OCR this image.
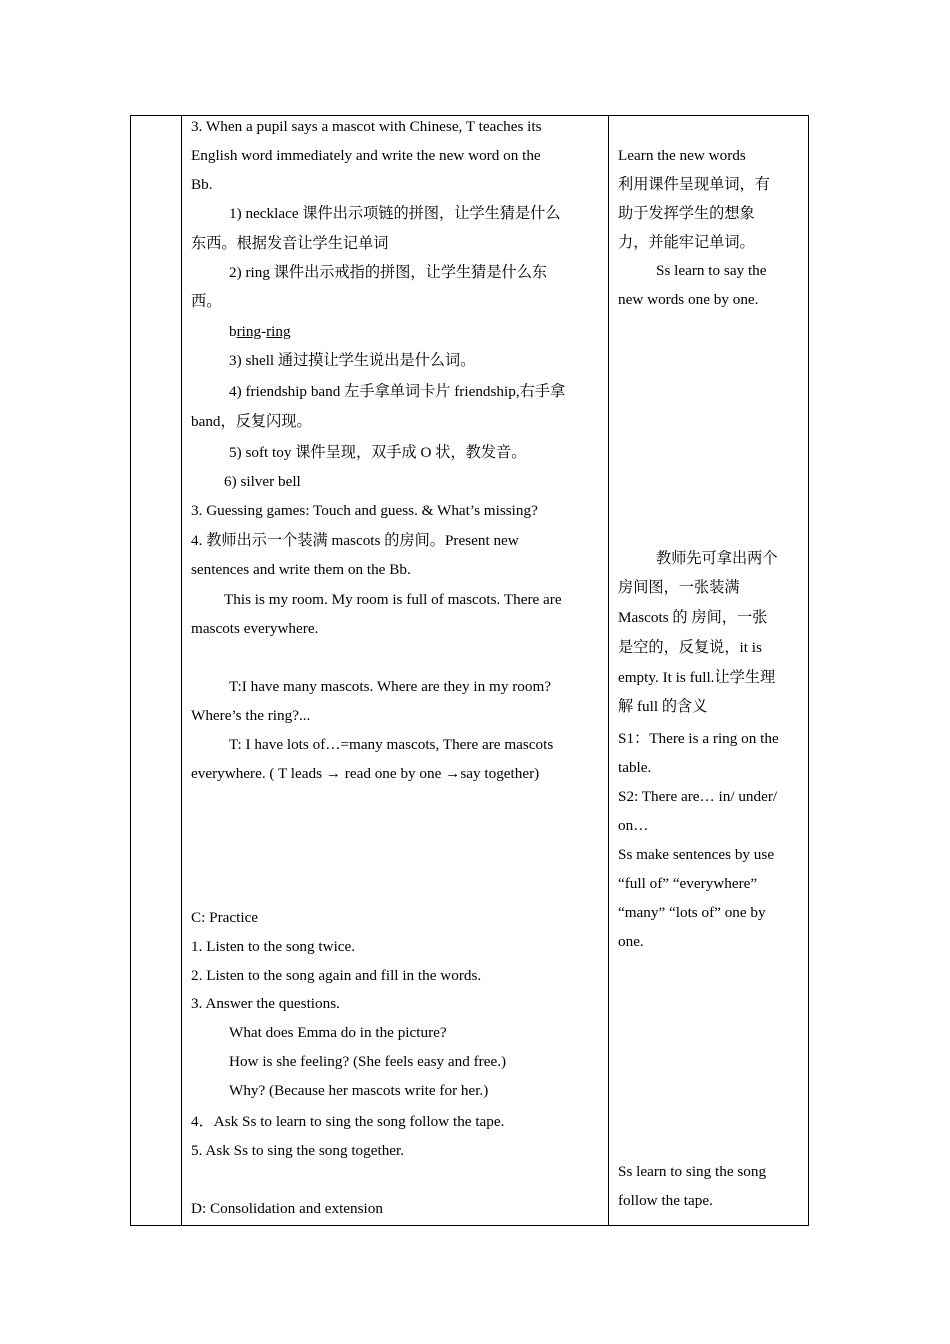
3. When a pupil says a mascot with Chinese, T teaches its
English word immediately and write the new word on the
Bb.
1) necklace 课件出示项链的拼图，让学生猜是什么
东西。根据发音让学生记单词
2) ring 课件出示戒指的拼图，让学生猜是什么东
西。
bring-ring
3) shell 通过摸让学生说出是什么词。
4) friendship band 左手拿单词卡片 friendship,右手拿
band，反复闪现。
5) soft toy 课件呈现，双手成 O 状，教发音。
6) silver bell
3. Guessing games: Touch and guess. & What’s missing?
4. 教师出示一个装满 mascots 的房间。Present new
sentences and write them on the Bb.
This is my room. My room is full of mascots. There are
mascots everywhere.
T:I have many mascots. Where are they in my room?
Where’s the ring?...
T: I have lots of…=many mascots, There are mascots
everywhere. ( T leads → read one by one →say together)
C: Practice
1. Listen to the song twice.
2. Listen to the song again and fill in the words.
3. Answer the questions.
What does Emma do in the picture?
How is she feeling? (She feels easy and free.)
Why? (Because her mascots write for her.)
4．Ask Ss to learn to sing the song follow the tape.
5. Ask Ss to sing the song together.
D: Consolidation and extension
Learn the new words
利用课件呈现单词，有
助于发挥学生的想象
力，并能牢记单词。
Ss learn to say the
new words one by one.
教师先可拿出两个
房间图，一张装满
Mascots 的 房间，一张
是空的，反复说，it is
empty. It is full.让学生理
解 full 的含义
S1：There is a ring on the
table.
S2: There are… in/ under/
on…
Ss make sentences by use
“full of” “everywhere”
“many” “lots of” one by
one.
Ss learn to sing the song
follow the tape.
